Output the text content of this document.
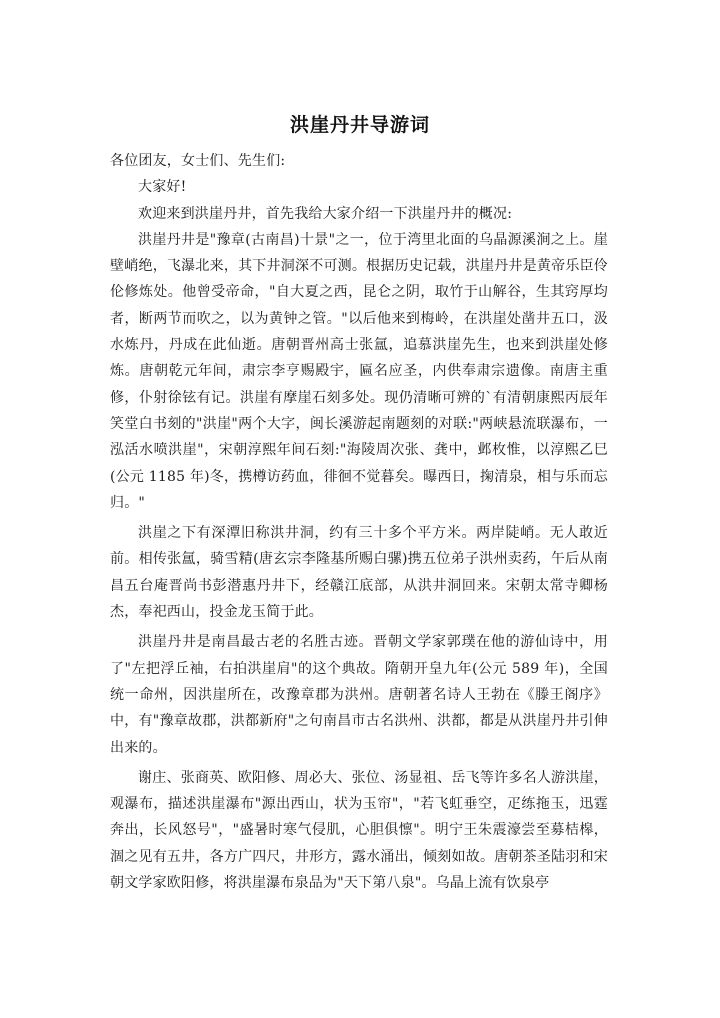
洪崖丹井导游词

各位团友，女士们、先生们:

大家好!

欢迎来到洪崖丹井，首先我给大家介绍一下洪崖丹井的概况:

洪崖丹井是"豫章(古南昌)十景"之一，位于湾里北面的乌晶源溪涧之上。崖壁峭绝，飞瀑北来，其下井洞深不可测。根据历史记载，洪崖丹井是黄帝乐臣伶伦修炼处。他曾受帝命，"自大夏之西，昆仑之阴，取竹于山解谷，生其窍厚均者，断两节而吹之，以为黄钟之管。"以后他来到梅岭，在洪崖处凿井五口，汲水炼丹，丹成在此仙逝。唐朝晋州高士张氲，追慕洪崖先生，也来到洪崖处修炼。唐朝乾元年间，肃宗李亨赐殿宇，匾名应圣，内供奉肃宗遗像。南唐主重修，仆射徐铉有记。洪崖有摩崖石刻多处。现仍清晰可辨的`有清朝康熙丙辰年笑堂白书刻的"洪崖"两个大字，闽长溪游起南题刻的对联:"两峡悬流联瀑布，一泓活水喷洪崖"，宋朝淳熙年间石刻:"海陵周次张、龚中，邺枚惟，以淳熙乙巳(公元 1185 年)冬，携樽访药血，徘徊不觉暮矣。曝西日，掬清泉，相与乐而忘归。"

洪崖之下有深潭旧称洪井洞，约有三十多个平方米。两岸陡峭。无人敢近前。相传张氲，骑雪精(唐玄宗李隆基所赐白骡)携五位弟子洪州卖药，午后从南昌五台庵晋尚书彭潜惠丹井下，经赣江底部，从洪井洞回来。宋朝太常寺卿杨杰，奉祀西山，投金龙玉简于此。

洪崖丹井是南昌最古老的名胜古迹。晋朝文学家郭璞在他的游仙诗中，用了"左把浮丘袖，右拍洪崖肩"的这个典故。隋朝开皇九年(公元 589 年)，全国统一命州，因洪崖所在，改豫章郡为洪州。唐朝著名诗人王勃在《滕王阁序》中，有"豫章故郡，洪都新府"之句南昌市古名洪州、洪都，都是从洪崖丹井引伸出来的。

谢庄、张商英、欧阳修、周必大、张位、汤显祖、岳飞等许多名人游洪崖，观瀑布，描述洪崖瀑布"源出西山，状为玉帘"，"若飞虹垂空，疋练拖玉，迅霆奔出，长风怒号"，"盛暑时寒气侵肌，心胆俱懔"。明宁王朱震濠尝至募桔槔，涸之见有五井，各方广四尺，井形方，露水涌出，倾刻如故。唐朝茶圣陆羽和宋朝文学家欧阳修，将洪崖瀑布泉品为"天下第八泉"。乌晶上流有饮泉亭
